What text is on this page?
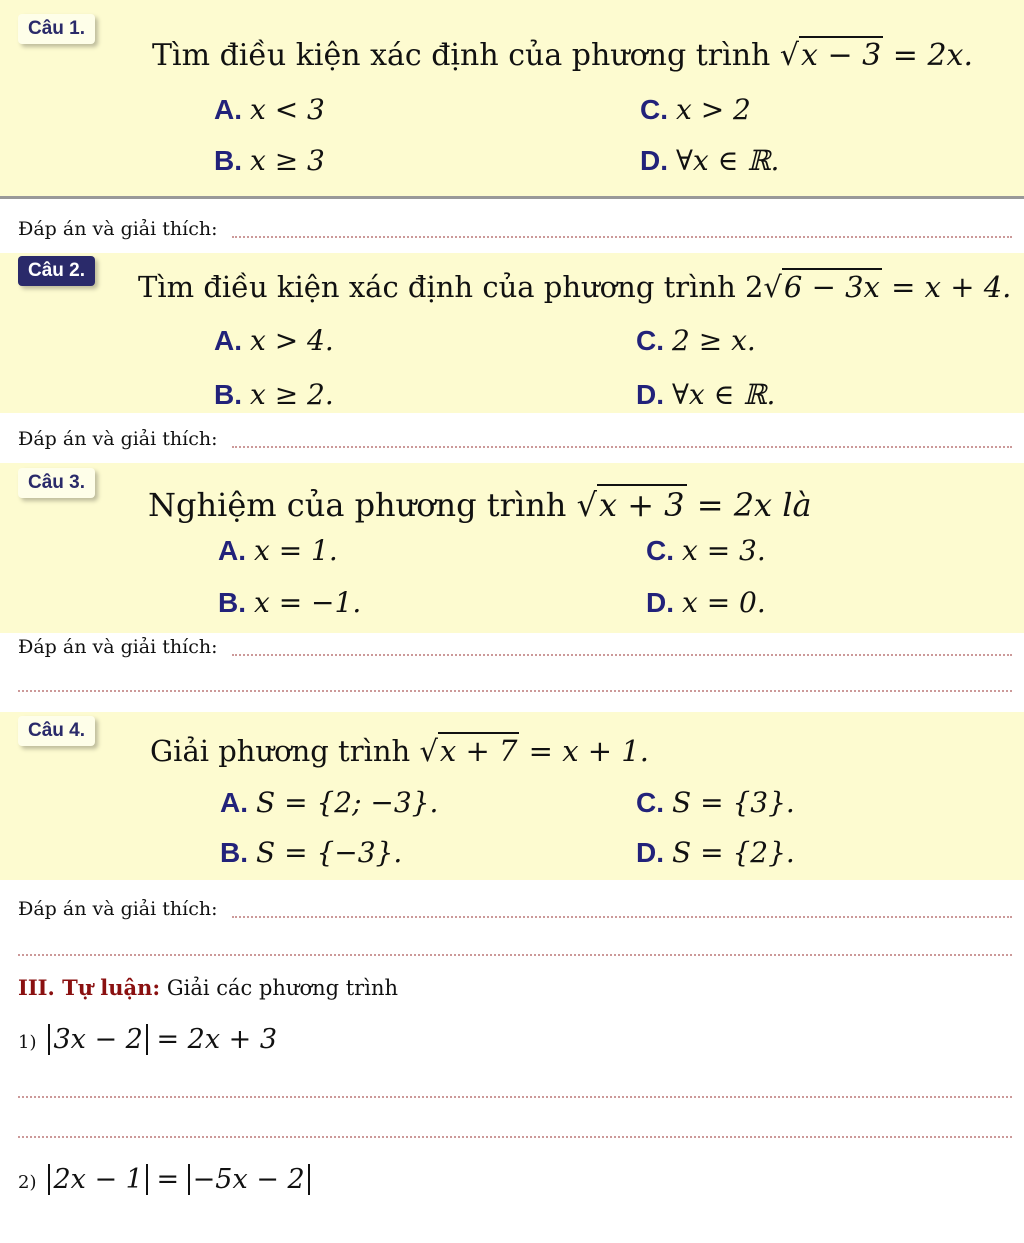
Câu 1.
Tìm điều kiện xác định của phương trình √x − 3 = 2x.
A. x < 3	C. x > 2
B. x ≥ 3	D. ∀x ∈ ℝ.
Đáp án và giải thích:
Câu 2.	Tìm điều kiện xác định của phương trình 2√6 − 3x = x + 4.
A. x > 4.	C. 2 ≥ x.
B. x ≥ 2.	D. ∀x ∈ ℝ.
Đáp án và giải thích:
Câu 3.
Nghiệm của phương trình √x + 3 = 2x là
A. x = 1.	C. x = 3.
B. x = −1.	D. x = 0.
Đáp án và giải thích:
Câu 4.
Giải phương trình √x + 7 = x + 1.
A. S = {2; −3}.	C. S = {3}.
B. S = {−3}.	D. S = {2}.
Đáp án và giải thích:
III. Tự luận: Giải các phương trình
1) 3x − 2 = 2x + 3
2) 2x − 1 = −5x − 2
